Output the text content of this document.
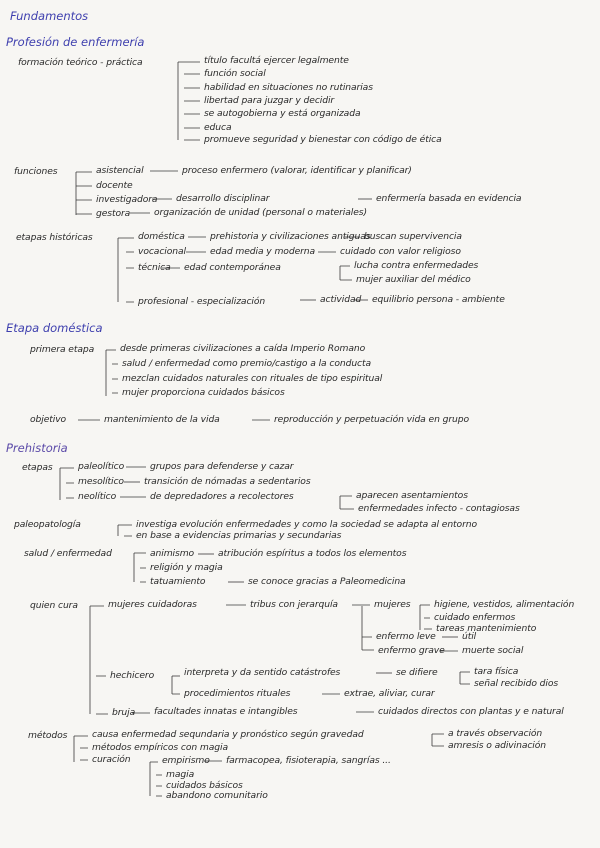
Fundamentos
Profesión de enfermería
formación teórico - práctica	título facultá ejercer legalmente
función social
habilidad en situaciones no rutinarias
libertad para juzgar y decidir
se autogobierna y está organizada
educa
promueve seguridad y bienestar con código de ética
funciones	asistencial	proceso enfermero (valorar, identificar y planificar)
docente
investigadora desarrollo disciplinar	enfermería basada en evidencia
gestora	organización de unidad (personal o materiales)
etapas históricas	doméstica	prehistoria y civilizaciones antiguas
buscan supervivencia
vocacional	edad media y moderna	cuidado con valor religioso
técnica edad contemporánea	lucha contra enfermedades
mujer auxiliar del médico
profesional - especialización	actividad equilibrio persona - ambiente
Etapa doméstica
primera etapa	desde primeras civilizaciones a caída Imperio Romano
salud / enfermedad como premio/castigo a la conducta
mezclan cuidados naturales con rituales de tipo espiritual
mujer proporciona cuidados básicos
objetivo	mantenimiento de la vida	reproducción y perpetuación vida en grupo
Prehistoria
etapas	paleolítico	grupos para defenderse y cazar
mesolítico transición de nómadas a sedentarios
neolítico	de depredadores a recolectores	aparecen asentamientos
enfermedades infecto - contagiosas
paleopatología	investiga evolución enfermedades y como la sociedad se adapta al entorno
en base a evidencias primarias y secundarias
salud / enfermedad	animismo	atribución espíritus a todos los elementos
religión y magia
tatuamiento	se conoce gracias a Paleomedicina
quien cura	mujeres cuidadoras	tribus con jerarquía	mujeres	higiene, vestidos, alimentación
cuidado enfermos
tareas mantenimiento
enfermo leve	útil
enfermo grave muerte social
hechicero	interpreta y da sentido catástrofes	se difiere	tara física
señal recibido dios
procedimientos rituales	extrae, aliviar, curar
bruja facultades innatas e intangibles	cuidados directos con plantas y e natural
métodos	causa enfermedad sequndaria y pronóstico según gravedad	a través observación
amresis o adivinación
métodos empíricos con magia
curación	empirismo farmacopea, fisioterapia, sangrías ...
magia
cuidados básicos
abandono comunitario
